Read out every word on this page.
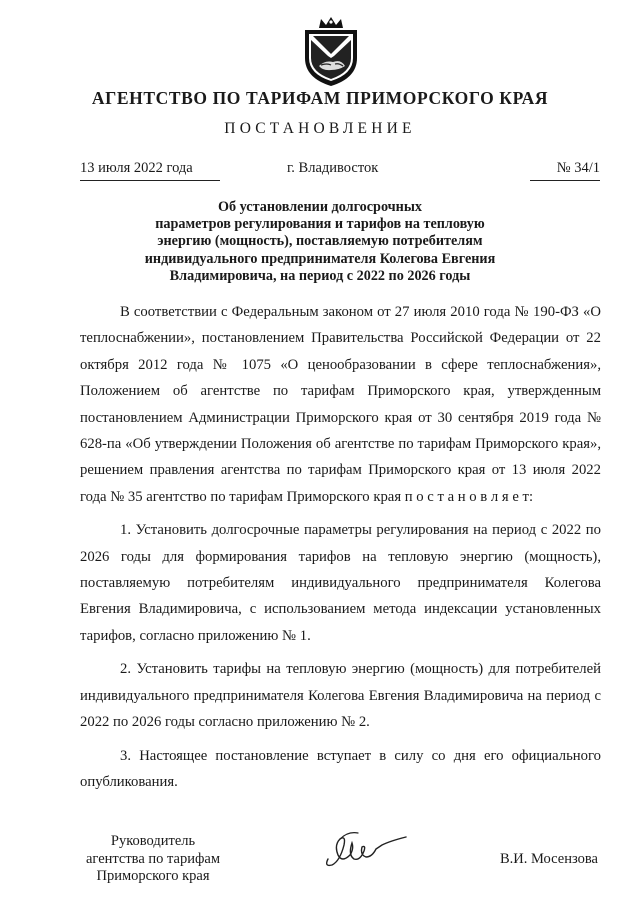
АГЕНТСТВО ПО ТАРИФАМ ПРИМОРСКОГО КРАЯ
ПОСТАНОВЛЕНИЕ
13 июля 2022 года	г. Владивосток	№ 34/1
Об установлении долгосрочных
параметров регулирования и тарифов на тепловую
энергию (мощность), поставляемую потребителям
индивидуального предпринимателя Колегова Евгения
Владимировича, на период с 2022 по 2026 годы

В соответствии с Федеральным законом от 27 июля 2010 года № 190-ФЗ «О теплоснабжении», постановлением Правительства Российской Федерации от 22 октября 2012 года № 1075 «О ценообразовании в сфере теплоснабжения», Положением об агентстве по тарифам Приморского края, утвержденным постановлением Администрации Приморского края от 30 сентября 2019 года № 628-па «Об утверждении Положения об агентстве по тарифам Приморского края», решением правления агентства по тарифам Приморского края от 13 июля 2022 года № 35 агентство по тарифам Приморского края п о с т а н о в л я е т:

1. Установить долгосрочные параметры регулирования на период с 2022 по 2026 годы для формирования тарифов на тепловую энергию (мощность), поставляемую потребителям индивидуального предпринимателя Колегова Евгения Владимировича, с использованием метода индексации установленных тарифов, согласно приложению № 1.

2. Установить тарифы на тепловую энергию (мощность) для потребителей индивидуального предпринимателя Колегова Евгения Владимировича на период с 2022 по 2026 годы согласно приложению № 2.

3. Настоящее постановление вступает в силу со дня его официального опубликования.

Руководитель
агентства по тарифам
Приморского края
В.И. Мосензова
